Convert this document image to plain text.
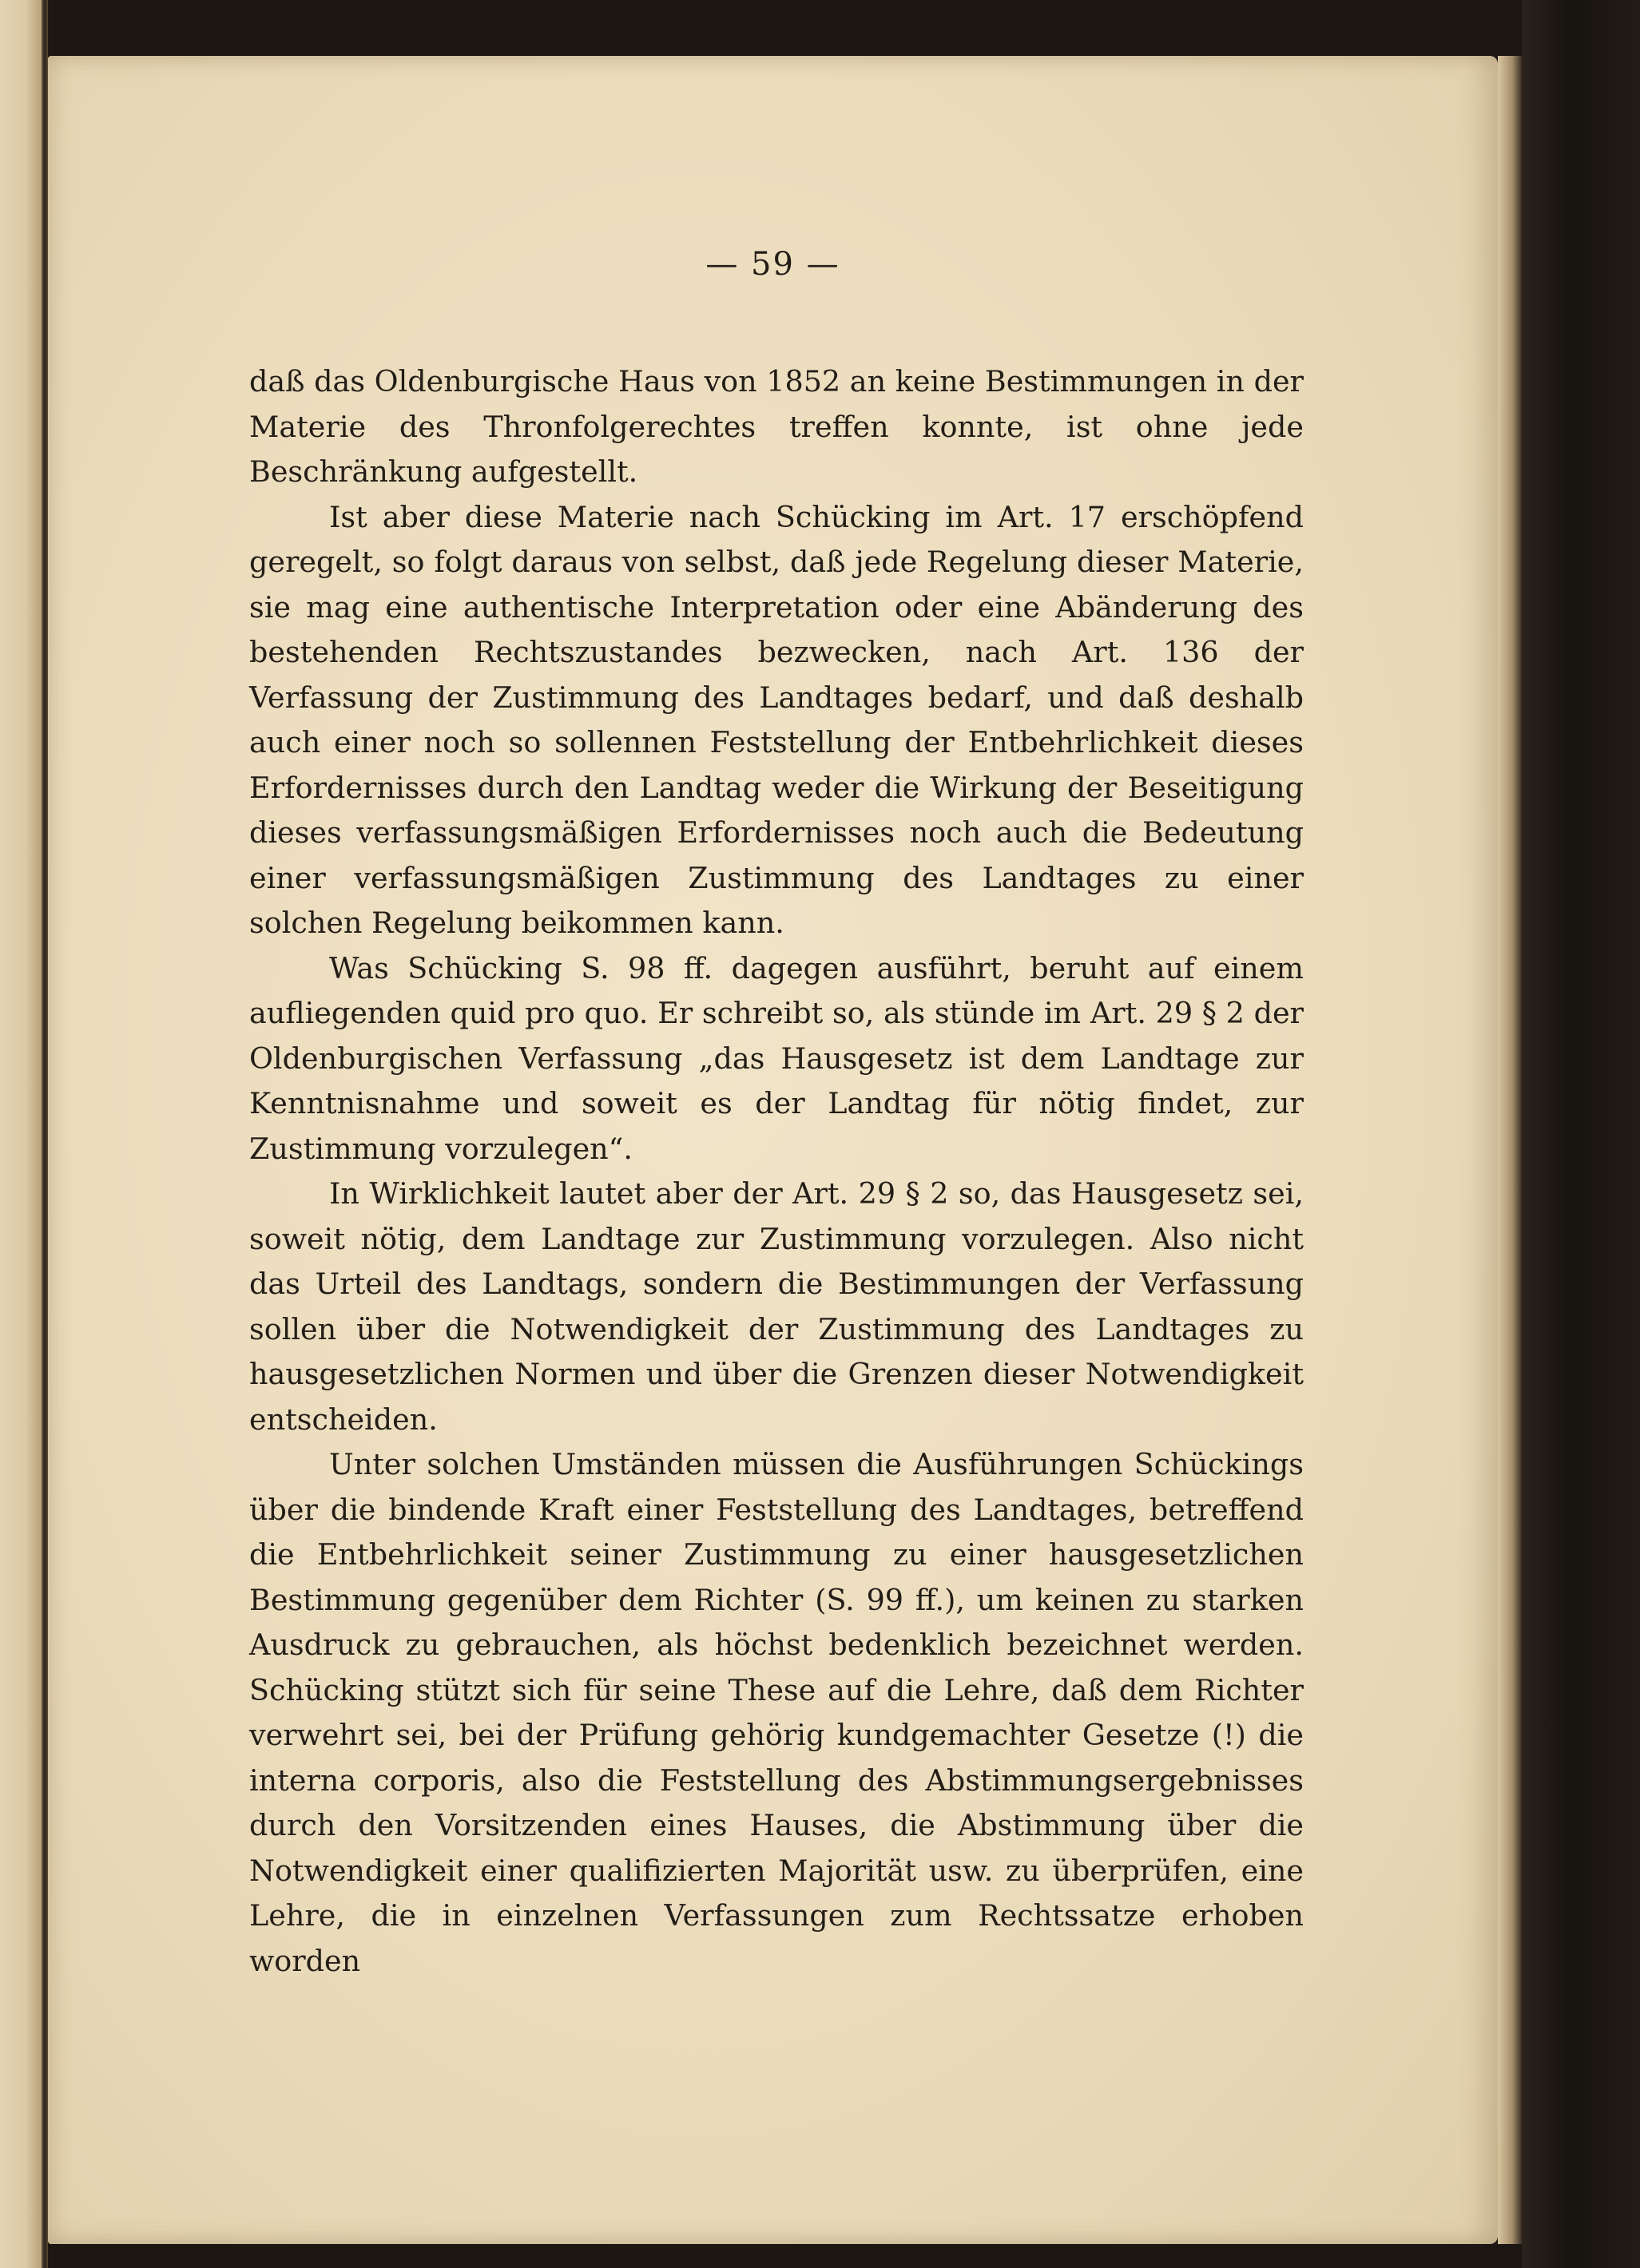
— 59 —

daß das Oldenburgische Haus von 1852 an keine Bestimmungen in der Materie des Thronfolgerechtes treffen konnte, ist ohne jede Beschränkung aufgestellt.

Ist aber diese Materie nach Schücking im Art. 17 erschöpfend geregelt, so folgt daraus von selbst, daß jede Regelung dieser Materie, sie mag eine authentische Interpretation oder eine Abänderung des bestehenden Rechtszustandes bezwecken, nach Art. 136 der Verfassung der Zustimmung des Landtages bedarf, und daß deshalb auch einer noch so sollennen Feststellung der Entbehrlichkeit dieses Erfordernisses durch den Landtag weder die Wirkung der Beseitigung dieses verfassungsmäßigen Erfordernisses noch auch die Bedeutung einer verfassungsmäßigen Zustimmung des Landtages zu einer solchen Regelung beikommen kann.

Was Schücking S. 98 ff. dagegen ausführt, beruht auf einem aufliegenden quid pro quo. Er schreibt so, als stünde im Art. 29 § 2 der Oldenburgischen Verfassung „das Hausgesetz ist dem Landtage zur Kenntnisnahme und soweit es der Landtag für nötig findet, zur Zustimmung vorzulegen“.

In Wirklichkeit lautet aber der Art. 29 § 2 so, das Hausgesetz sei, soweit nötig, dem Landtage zur Zustimmung vorzulegen. Also nicht das Urteil des Landtags, sondern die Bestimmungen der Verfassung sollen über die Notwendigkeit der Zustimmung des Landtages zu hausgesetzlichen Normen und über die Grenzen dieser Notwendigkeit entscheiden.

Unter solchen Umständen müssen die Ausführungen Schückings über die bindende Kraft einer Feststellung des Landtages, betreffend die Entbehrlichkeit seiner Zustimmung zu einer hausgesetzlichen Bestimmung gegenüber dem Richter (S. 99 ff.), um keinen zu starken Ausdruck zu gebrauchen, als höchst bedenklich bezeichnet werden. Schücking stützt sich für seine These auf die Lehre, daß dem Richter verwehrt sei, bei der Prüfung gehörig kundgemachter Gesetze (!) die interna corporis, also die Feststellung des Abstimmungsergebnisses durch den Vorsitzenden eines Hauses, die Abstimmung über die Notwendigkeit einer qualifizierten Majorität usw. zu überprüfen, eine Lehre, die in einzelnen Verfassungen zum Rechtssatze erhoben worden
